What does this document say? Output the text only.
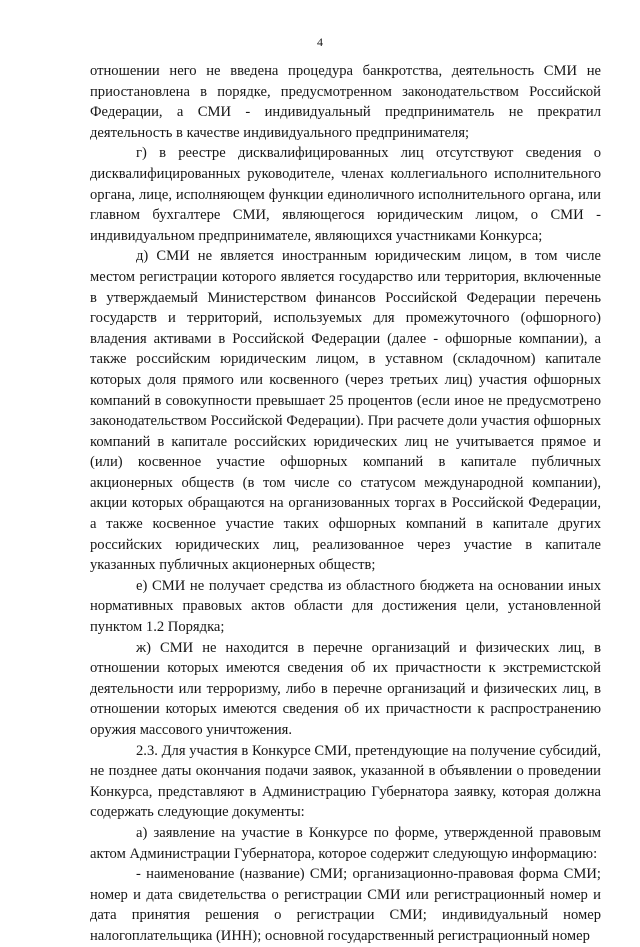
4

отношении него не введена процедура банкротства, деятельность СМИ не приостановлена в порядке, предусмотренном законодательством Российской Федерации, а СМИ - индивидуальный предприниматель не прекратил деятельность в качестве индивидуального предпринимателя;

г) в реестре дисквалифицированных лиц отсутствуют сведения о дисквалифицированных руководителе, членах коллегиального исполнительного органа, лице, исполняющем функции единоличного исполнительного органа, или главном бухгалтере СМИ, являющегося юридическим лицом, о СМИ - индивидуальном предпринимателе, являющихся участниками Конкурса;

д) СМИ не является иностранным юридическим лицом, в том числе местом регистрации которого является государство или территория, включенные в утверждаемый Министерством финансов Российской Федерации перечень государств и территорий, используемых для промежуточного (офшорного) владения активами в Российской Федерации (далее - офшорные компании), а также российским юридическим лицом, в уставном (складочном) капитале которых доля прямого или косвенного (через третьих лиц) участия офшорных компаний в совокупности превышает 25 процентов (если иное не предусмотрено законодательством Российской Федерации). При расчете доли участия офшорных компаний в капитале российских юридических лиц не учитывается прямое и (или) косвенное участие офшорных компаний в капитале публичных акционерных обществ (в том числе со статусом международной компании), акции которых обращаются на организованных торгах в Российской Федерации, а также косвенное участие таких офшорных компаний в капитале других российских юридических лиц, реализованное через участие в капитале указанных публичных акционерных обществ;

е) СМИ не получает средства из областного бюджета на основании иных нормативных правовых актов области для достижения цели, установленной пунктом 1.2 Порядка;

ж) СМИ не находится в перечне организаций и физических лиц, в отношении которых имеются сведения об их причастности к экстремистской деятельности или терроризму, либо в перечне организаций и физических лиц, в отношении которых имеются сведения об их причастности к распространению оружия массового уничтожения.

2.3. Для участия в Конкурсе СМИ, претендующие на получение субсидий, не позднее даты окончания подачи заявок, указанной в объявлении о проведении Конкурса, представляют в Администрацию Губернатора заявку, которая должна содержать следующие документы:

а) заявление на участие в Конкурсе по форме, утвержденной правовым актом Администрации Губернатора, которое содержит следующую информацию:

- наименование (название) СМИ; организационно-правовая форма СМИ; номер и дата свидетельства о регистрации СМИ или регистрационный номер и дата принятия решения о регистрации СМИ; индивидуальный номер налогоплательщика (ИНН); основной государственный регистрационный номер
